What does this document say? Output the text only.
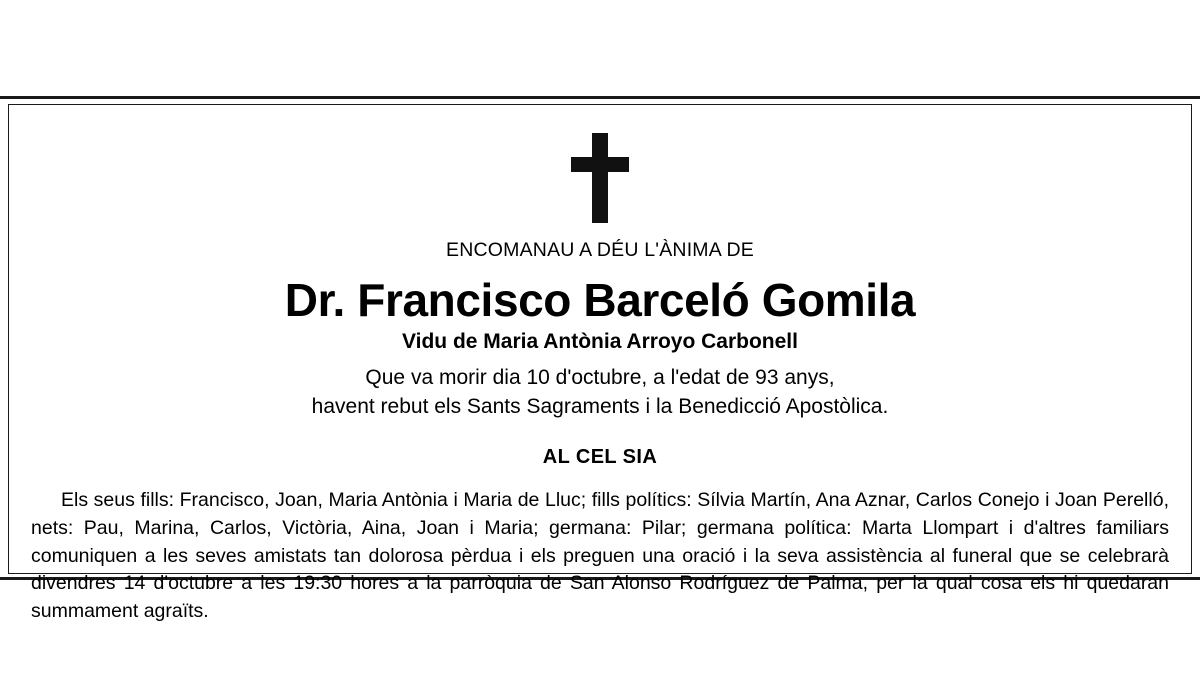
ENCOMANAU A DÉU L'ÀNIMA DE
Dr. Francisco Barceló Gomila
Vidu de Maria Antònia Arroyo Carbonell
Que va morir dia 10 d'octubre, a l'edat de 93 anys,
havent rebut els Sants Sagraments i la Benedicció Apostòlica.
AL CEL SIA
Els seus fills: Francisco, Joan, Maria Antònia i Maria de Lluc; fills polítics: Sílvia Martín, Ana Aznar, Carlos Conejo i Joan Perelló, nets: Pau, Marina, Carlos, Victòria, Aina, Joan i Maria; germana: Pilar; germana política: Marta Llompart i d'altres familiars comuniquen a les seves amistats tan dolorosa pèrdua i els preguen una oració i la seva assistència al funeral que se celebrarà divendres 14 d'octubre a les 19:30 hores a la parròquia de San Alonso Rodríguez de Palma, per la qual cosa els hi quedaran summament agraïts.
